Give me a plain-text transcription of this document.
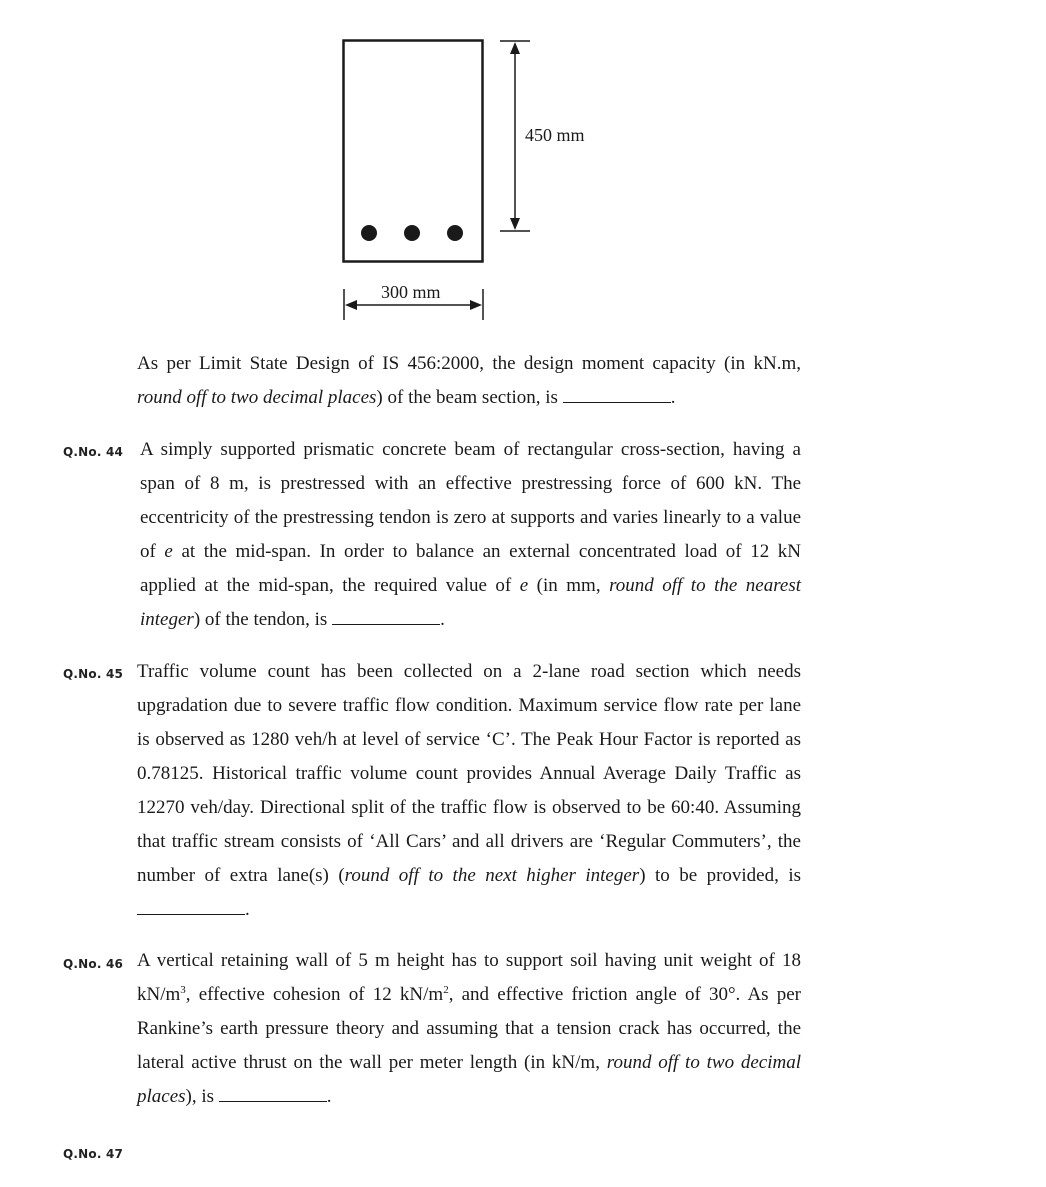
450 mm
300 mm
As per Limit State Design of IS 456:2000, the design moment capacity (in kN.m, round off to two decimal places) of the beam section, is	.
Q.No. 44 A simply supported prismatic concrete beam of rectangular cross-section, having a span of 8 m, is prestressed with an effective prestressing force of 600 kN. The eccentricity of the prestressing tendon is zero at supports and varies linearly to a value of e at the mid-span. In order to balance an external concentrated load of 12 kN applied at the mid-span, the required value of e (in mm, round off to the nearest integer) of the tendon, is	.
Q.No. 45 Traffic volume count has been collected on a 2-lane road section which needs upgradation due to severe traffic flow condition. Maximum service flow rate per lane is observed as 1280 veh/h at level of service ‘C’. The Peak Hour Factor is reported as 0.78125. Historical traffic volume count provides Annual Average Daily Traffic as 12270 veh/day. Directional split of the traffic flow is observed to be 60:40. Assuming that traffic stream consists of ‘All Cars’ and all drivers are ‘Regular Commuters’, the number of extra lane(s) (round off to the next higher integer) to be provided, is .
Q.No. 46 A vertical retaining wall of 5 m height has to support soil having unit weight of 18 $kN/m^3$, effective cohesion of 12 $kN/m^2$, and effective friction angle of 30°. As per Rankine’s earth pressure theory and assuming that a tension crack has occurred, the lateral active thrust on the wall per meter length (in kN/m, round off to two decimal places), is	.
Q.No. 47
